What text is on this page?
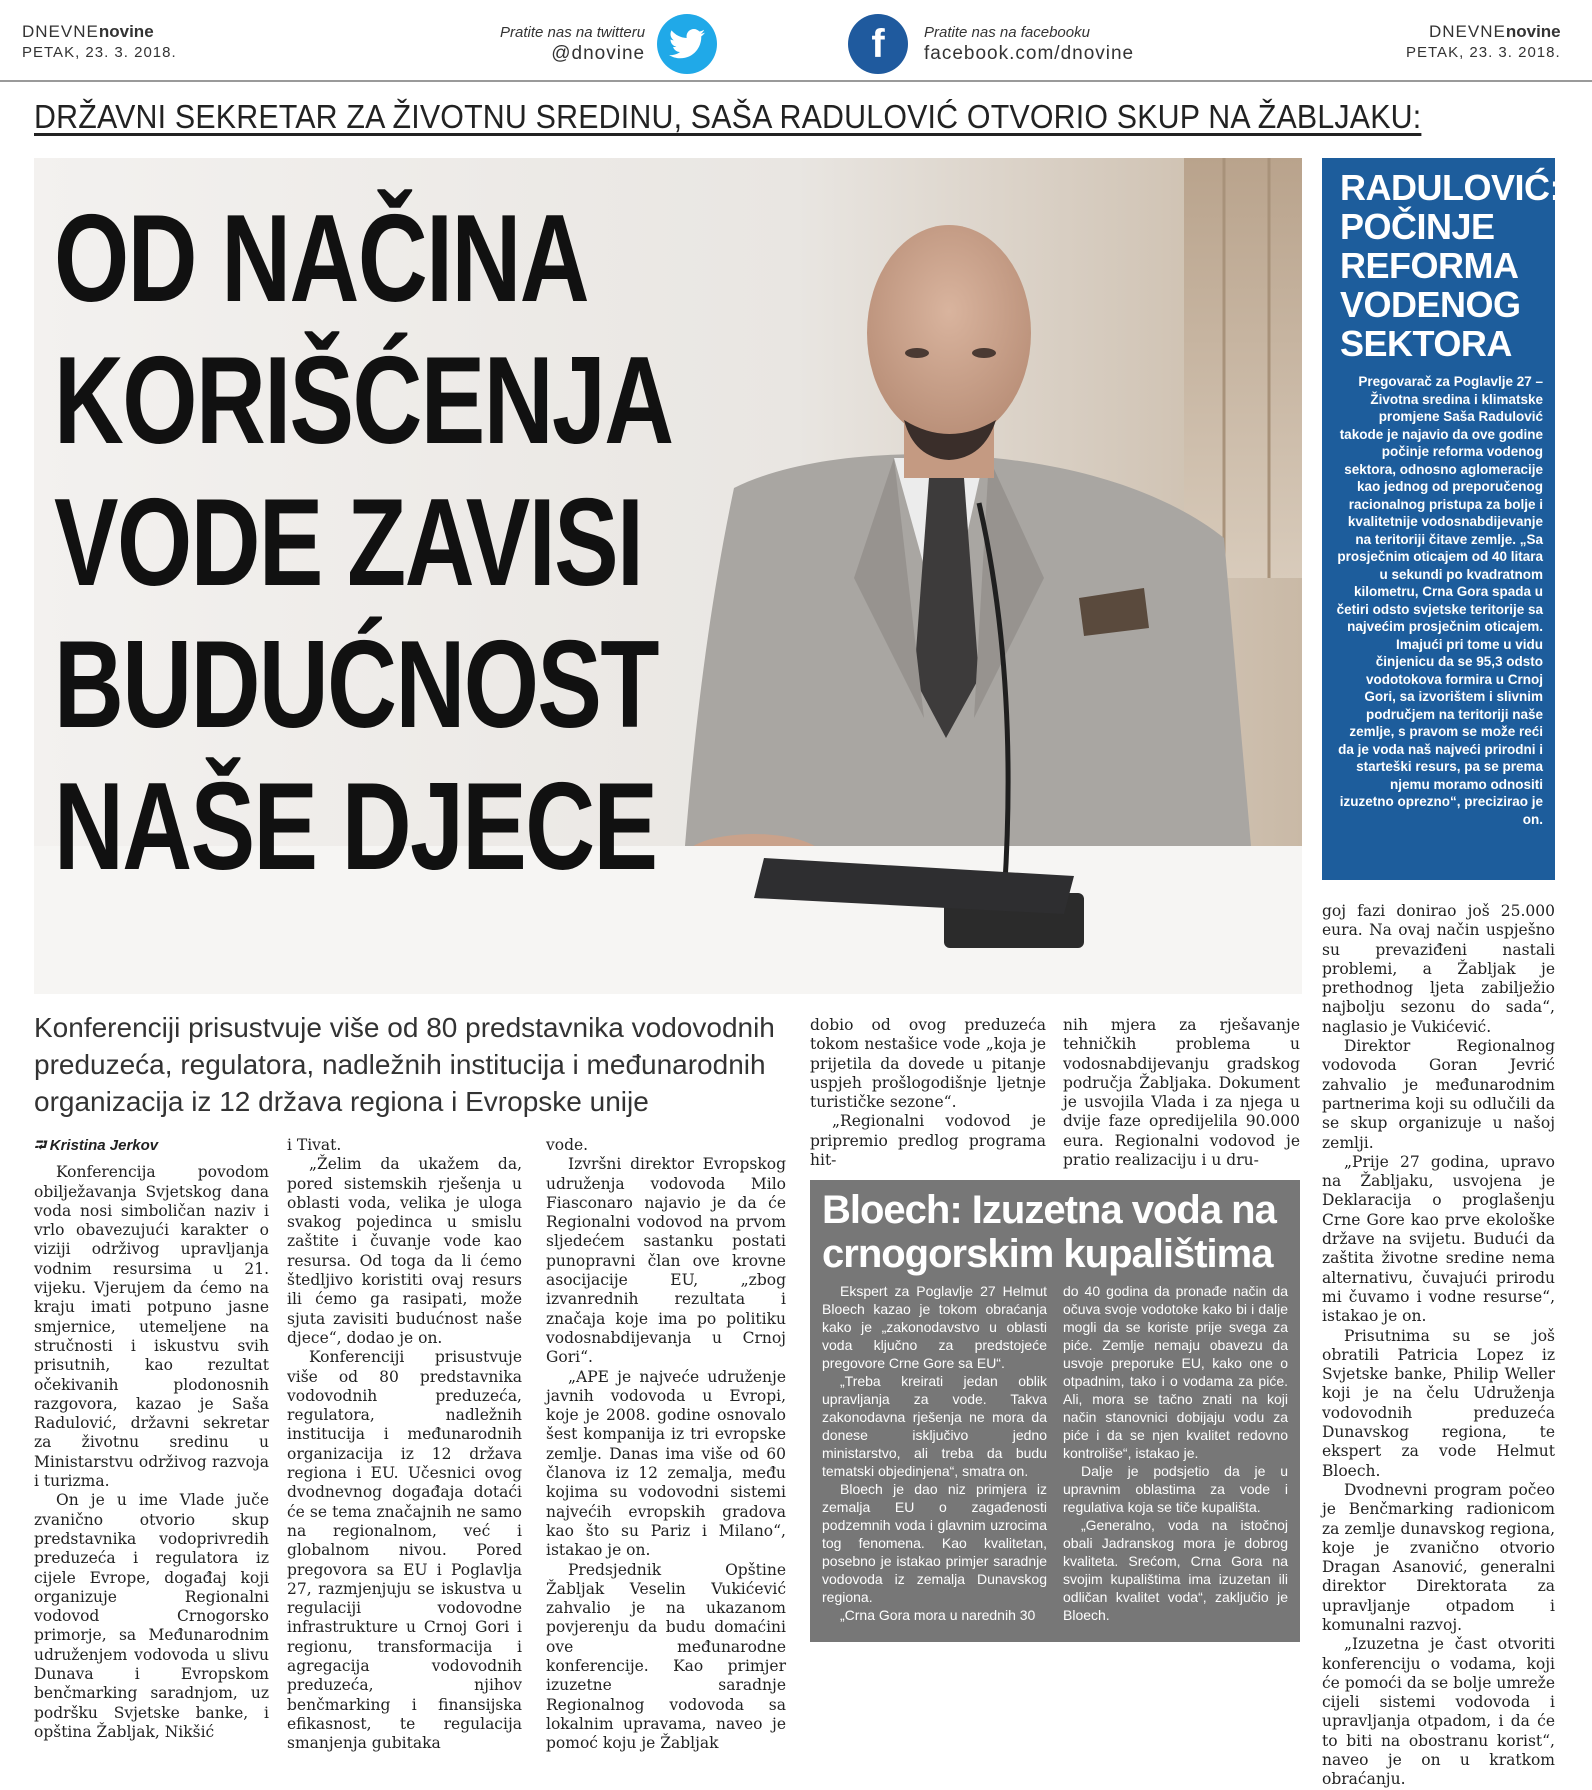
DNEVNEnovine
PETAK, 23. 3. 2018.
Pratite nas na twitteru
@dnovine	f	Pratite nas na facebooku
facebook.com/dnovine
DNEVNEnovine
PETAK, 23. 3. 2018.
DRŽAVNI SEKRETAR ZA ŽIVOTNU SREDINU, SAŠA RADULOVIĆ OTVORIO SKUP NA ŽABLJAKU:
OD NAČINA
KORIŠĆENJA
VODE ZAVISI
BUDUĆNOST
NAŠE DJECE
RADULOVIĆ:
POČINJE
REFORMA
VODENOG
SEKTORA

Pregovarač za Poglavlje 27 – Životna sredina i klimatske promjene Saša Radulović takode je najavio da ove godine počinje reforma vodenog sektora, odnosno aglomeracije kao jednog od preporučenog racionalnog pristupa za bolje i kvalitetnije vodosnabdijevanje na teritoriji čitave zemlje. „Sa prosječnim oticajem od 40 litara u sekundi po kvadratnom kilometru, Crna Gora spada u četiri odsto svjetske teritorije sa najvećim prosječnim oticajem. Imajući pri tome u vidu činjenicu da se 95,3 odsto vodotokova formira u Crnoj Gori, sa izvorištem i slivnim područjem na teritoriji naše zemlje, s pravom se može reći da je voda naš najveći prirodni i starteški resurs, pa se prema njemu moramo odnositi izuzetno oprezno“, precizirao je on.

Konferenciji prisustvuje više od 80 predstavnika vodovodnih preduzeća, regulatora, nadležnih institucija i međunarodnih organizacija iz 12 država regiona i Evropske unije
⮒ Kristina Jerkov

Konferencija povodom obilježavanja Svjetskog dana voda nosi simboličan naziv i vrlo obavezujući karakter o viziji održivog upravljanja vodnim resursima u 21. vijeku. Vjerujem da ćemo na kraju imati potpuno jasne smjernice, utemeljene na stručnosti i iskustvu svih prisutnih, kao rezultat očekivanih plodonosnih razgovora, kazao je Saša Radulović, državni sekretar za životnu sredinu u Ministarstvu održivog razvoja i turizma.

On je u ime Vlade juče zvanično otvorio skup predstavnika vodoprivredih preduzeća i regulatora iz cijele Evrope, događaj koji organizuje Regionalni vodovod Crnogorsko primorje, sa Međunarodnim udruženjem vodovoda u slivu Dunava i Evropskom benčmarking saradnjom, uz podršku Svjetske banke, i opština Žabljak, Nikšić

i Tivat.

„Želim da ukažem da, pored sistemskih rješenja u oblasti voda, velika je uloga svakog pojedinca u smislu zaštite i čuvanje vode kao resursa. Od toga da li ćemo štedljivo koristiti ovaj resurs ili ćemo ga rasipati, može sjuta zavisiti budućnost naše djece“, dodao je on.

Konferenciji prisustvuje više od 80 predstavnika vodovodnih preduzeća, regulatora, nadležnih institucija i međunarodnih organizacija iz 12 država regiona i EU. Učesnici ovog dvodnevnog događaja dotaći će se tema značajnih ne samo na regionalnom, već i globalnom nivou. Pored pregovora sa EU i Poglavlja 27, razmjenjuju se iskustva u regulaciji vodovodne infrastrukture u Crnoj Gori i regionu, transformacija i agregacija vodovodnih preduzeća, njihov benčmarking i finansijska efikasnost, te regulacija smanjenja gubitaka

vode.

Izvršni direktor Evropskog udruženja vodovoda Milo Fiasconaro najavio je da će Regionalni vodovod na prvom sljedećem sastanku postati punopravni član ove krovne asocijacije EU, „zbog izvanrednih rezultata i značaja koje ima po politiku vodosnabdijevanja u Crnoj Gori“.

„APE je najveće udruženje javnih vodovoda u Evropi, koje je 2008. godine osnovalo šest kompanija iz tri evropske zemlje. Danas ima više od 60 članova iz 12 zemalja, među kojima su vodovodni sistemi najvećih evropskih gradova kao što su Pariz i Milano“, istakao je on.

Predsjednik Opštine Žabljak Veselin Vukićević zahvalio je na ukazanom povjerenju da budu domaćini ove međunarodne konferencije. Kao primjer izuzetne saradnje Regionalnog vodovoda sa lokalnim upravama, naveo je pomoć koju je Žabljak

dobio od ovog preduzeća tokom nestašice vode „koja je prijetila da dovede u pitanje uspjeh prošlogodišnje ljetnje turističke sezone“.

„Regionalni vodovod je pripremio predlog programa hit-

nih mjera za rješavanje tehničkih problema u vodosnabdijevanju gradskog područja Žabljaka. Dokument je usvojila Vlada i za njega u dvije faze opredijelila 90.000 eura. Regionalni vodovod je pratio realizaciju i u dru-

goj fazi donirao još 25.000 eura. Na ovaj način uspješno su prevaziđeni nastali problemi, a Žabljak je prethodnog ljeta zabilježio najbolju sezonu do sada“, naglasio je Vukićević.

Direktor Regionalnog vodovoda Goran Jevrić zahvalio je međunarodnim partnerima koji su odlučili da se skup organizuje u našoj zemlji.

„Prije 27 godina, upravo na Žabljaku, usvojena je Deklaracija o proglašenju Crne Gore kao prve ekološke države na svijetu. Budući da zaštita životne sredine nema alternativu, čuvajući prirodu mi čuvamo i vodne resurse“, istakao je on.

Prisutnima su se još obratili Patricia Lopez iz Svjetske banke, Philip Weller koji je na čelu Udruženja vodovodnih preduzeća Dunavskog regiona, te ekspert za vode Helmut Bloech.

Dvodnevni program počeo je Benčmarking radionicom za zemlje dunavskog regiona, koje je zvanično otvorio Dragan Asanović, generalni direktor Direktorata za upravljanje otpadom i komunalni razvoj.

„Izuzetna je čast otvoriti konferenciju o vodama, koji će pomoći da se bolje umreže cijeli sistemi vodovoda i upravljanja otpadom, i da će to biti na obostranu korist“, naveo je on u kratkom obraćanju.

Bloech: Izuzetna voda na crnogorskim kupalištima

Ekspert za Poglavlje 27 Helmut Bloech kazao je tokom obraćanja kako je „zakonodavstvo u oblasti voda ključno za predstojeće pregovore Crne Gore sa EU“.

„Treba kreirati jedan oblik upravljanja za vode. Takva zakonodavna rješenja ne mora da donese isključivo jedno ministarstvo, ali treba da budu tematski objedinjena“, smatra on.

Bloech je dao niz primjera iz zemalja EU o zagađenosti podzemnih voda i glavnim uzrocima tog fenomena. Kao kvalitetan, posebno je istakao primjer saradnje vodovoda iz zemalja Dunavskog regiona.

„Crna Gora mora u narednih 30

do 40 godina da pronađe način da očuva svoje vodotoke kako bi i dalje mogli da se koriste prije svega za piće. Zemlje nemaju obavezu da usvoje preporuke EU, kako one o otpadnim, tako i o vodama za piće. Ali, mora se tačno znati na koji način stanovnici dobijaju vodu za piće i da se njen kvalitet redovno kontroliše“, istakao je.

Dalje je podsjetio da je u upravnim oblastima za vode i regulativa koja se tiče kupališta.

„Generalno, voda na istočnoj obali Jadranskog mora je dobrog kvaliteta. Srećom, Crna Gora na svojim kupalištima ima izuzetan ili odličan kvalitet voda“, zaključio je Bloech.
